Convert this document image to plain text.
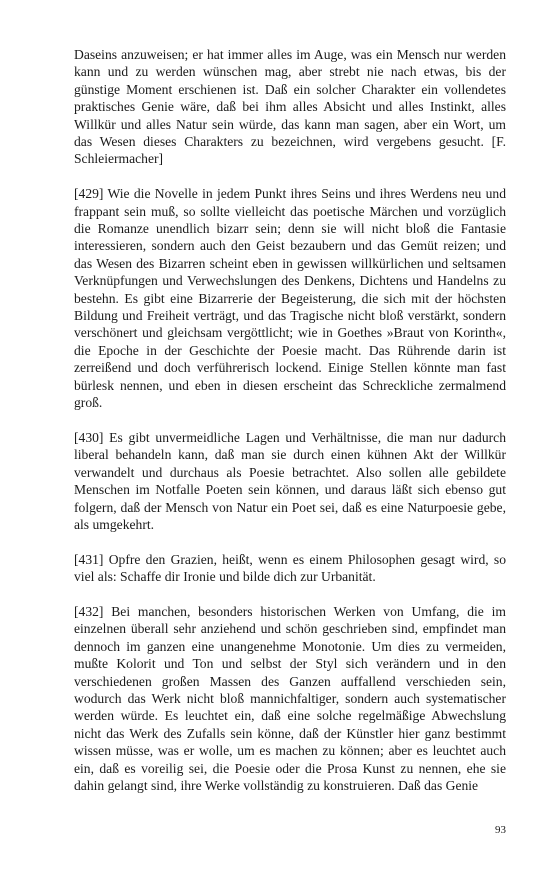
Daseins anzuweisen; er hat immer alles im Auge, was ein Mensch nur werden kann und zu werden wünschen mag, aber strebt nie nach etwas, bis der günstige Moment erschienen ist. Daß ein solcher Charakter ein vollendetes praktisches Genie wäre, daß bei ihm alles Absicht und alles Instinkt, alles Willkür und alles Natur sein würde, das kann man sagen, aber ein Wort, um das Wesen dieses Charakters zu bezeichnen, wird vergebens gesucht. [F. Schleiermacher]

[429] Wie die Novelle in jedem Punkt ihres Seins und ihres Werdens neu und frappant sein muß, so sollte vielleicht das poetische Märchen und vorzüglich die Romanze unendlich bizarr sein; denn sie will nicht bloß die Fantasie interessieren, sondern auch den Geist bezaubern und das Gemüt reizen; und das Wesen des Bizarren scheint eben in gewissen willkürlichen und seltsamen Verknüpfungen und Verwechslungen des Denkens, Dichtens und Handelns zu bestehn. Es gibt eine Bizarrerie der Begeisterung, die sich mit der höchsten Bildung und Freiheit verträgt, und das Tragische nicht bloß verstärkt, sondern verschönert und gleichsam vergöttlicht; wie in Goethes »Braut von Korinth«, die Epoche in der Geschichte der Poesie macht. Das Rührende darin ist zerreißend und doch verführerisch lockend. Einige Stellen könnte man fast bürlesk nennen, und eben in diesen erscheint das Schreckliche zermalmend groß.

[430] Es gibt unvermeidliche Lagen und Verhältnisse, die man nur dadurch liberal behandeln kann, daß man sie durch einen kühnen Akt der Willkür verwandelt und durchaus als Poesie betrachtet. Also sollen alle gebildete Menschen im Notfalle Poeten sein können, und daraus läßt sich ebenso gut folgern, daß der Mensch von Natur ein Poet sei, daß es eine Naturpoesie gebe, als umgekehrt.

[431] Opfre den Grazien, heißt, wenn es einem Philosophen gesagt wird, so viel als: Schaffe dir Ironie und bilde dich zur Urbanität.

[432] Bei manchen, besonders historischen Werken von Umfang, die im einzelnen überall sehr anziehend und schön geschrieben sind, empfindet man dennoch im ganzen eine unangenehme Monotonie. Um dies zu vermeiden, mußte Kolorit und Ton und selbst der Styl sich verändern und in den verschiedenen großen Massen des Ganzen auffallend verschieden sein, wodurch das Werk nicht bloß mannichfaltiger, sondern auch systematischer werden würde. Es leuchtet ein, daß eine solche regelmäßige Abwechslung nicht das Werk des Zufalls sein könne, daß der Künstler hier ganz bestimmt wissen müsse, was er wolle, um es machen zu können; aber es leuchtet auch ein, daß es voreilig sei, die Poesie oder die Prosa Kunst zu nennen, ehe sie dahin gelangt sind, ihre Werke vollständig zu konstruieren. Daß das Genie

93
